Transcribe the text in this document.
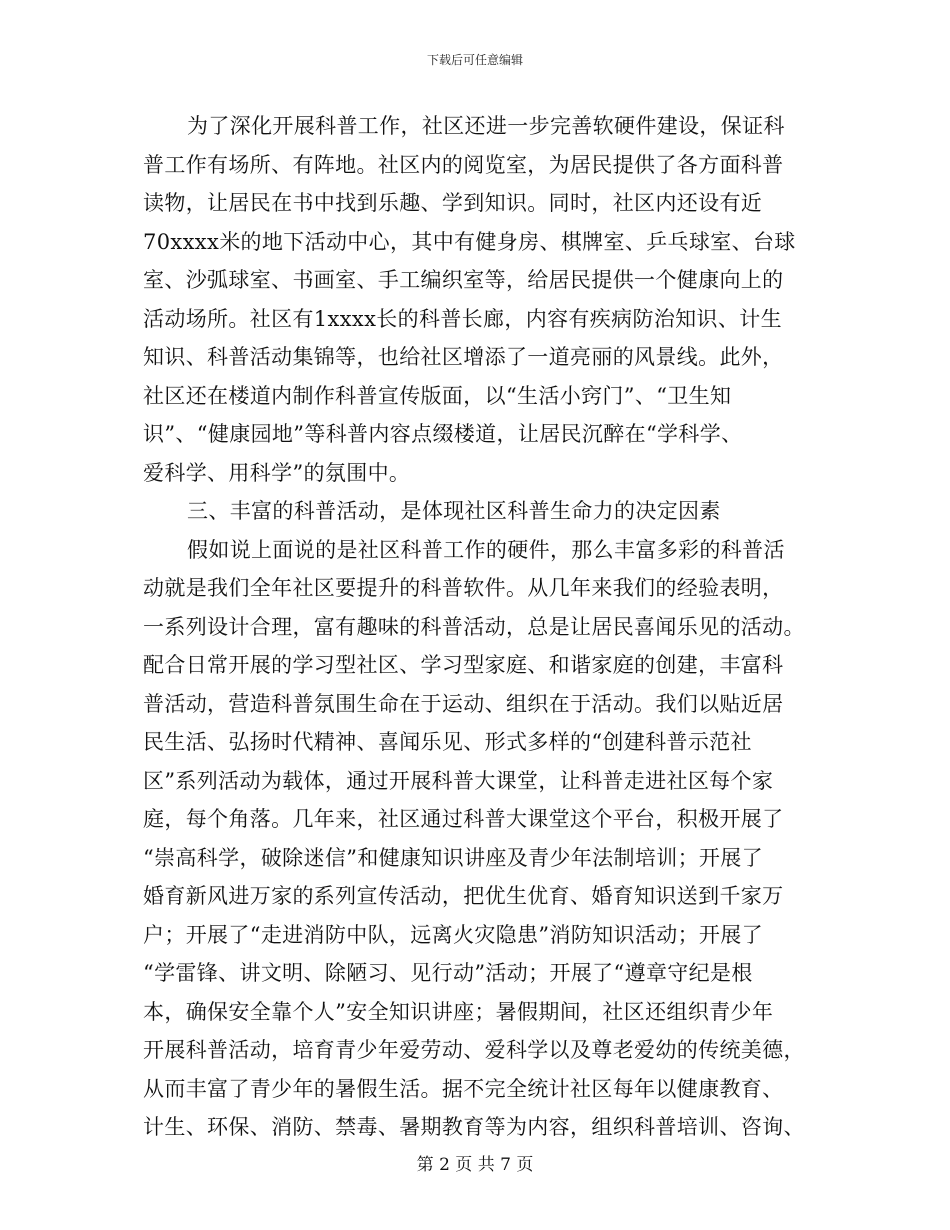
下载后可任意编辑
为了深化开展科普工作，社区还进一步完善软硬件建设，保证科
普工作有场所、有阵地。社区内的阅览室，为居民提供了各方面科普
读物，让居民在书中找到乐趣、学到知识。同时，社区内还设有近
70xxxx米的地下活动中心，其中有健身房、棋牌室、乒乓球室、台球
室、沙弧球室、书画室、手工编织室等，给居民提供一个健康向上的
活动场所。社区有1xxxx长的科普长廊，内容有疾病防治知识、计生
知识、科普活动集锦等，也给社区增添了一道亮丽的风景线。此外，
社区还在楼道内制作科普宣传版面，以“生活小窍门”、“卫生知
识”、“健康园地”等科普内容点缀楼道，让居民沉醉在“学科学、
爱科学、用科学”的氛围中。
三、丰富的科普活动，是体现社区科普生命力的决定因素
假如说上面说的是社区科普工作的硬件，那么丰富多彩的科普活
动就是我们全年社区要提升的科普软件。从几年来我们的经验表明，
一系列设计合理，富有趣味的科普活动，总是让居民喜闻乐见的活动。
配合日常开展的学习型社区、学习型家庭、和谐家庭的创建，丰富科
普活动，营造科普氛围生命在于运动、组织在于活动。我们以贴近居
民生活、弘扬时代精神、喜闻乐见、形式多样的“创建科普示范社
区”系列活动为载体，通过开展科普大课堂，让科普走进社区每个家
庭，每个角落。几年来，社区通过科普大课堂这个平台，积极开展了
“崇高科学，破除迷信”和健康知识讲座及青少年法制培训；开展了
婚育新风进万家的系列宣传活动，把优生优育、婚育知识送到千家万
户；开展了“走进消防中队，远离火灾隐患”消防知识活动；开展了
“学雷锋、讲文明、除陋习、见行动”活动；开展了“遵章守纪是根
本，确保安全靠个人”安全知识讲座；暑假期间，社区还组织青少年
开展科普活动，培育青少年爱劳动、爱科学以及尊老爱幼的传统美德，
从而丰富了青少年的暑假生活。据不完全统计社区每年以健康教育、
计生、环保、消防、禁毒、暑期教育等为内容，组织科普培训、咨询、
第 2 页 共 7 页
